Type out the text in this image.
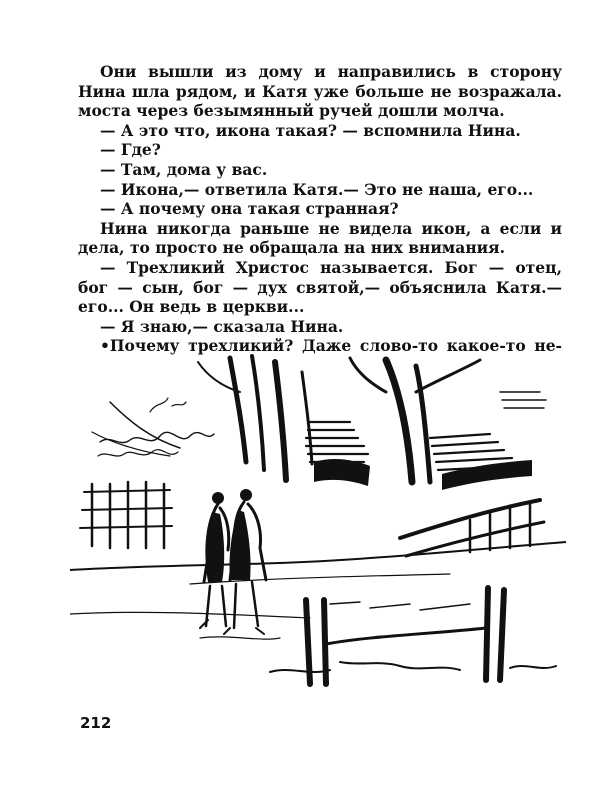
Они вышли из дому и направились в сторону
Нина шла рядом, и Катя уже больше не возражала.
моста через безымянный ручей дошли молча.
— А это что, икона такая? — вспомнила Нина.
— Где?
— Там, дома у вас.
— Икона,— ответила Катя.— Это не наша, его...
— А почему она такая странная?
Нина никогда раньше не видела икон, а если и
дела, то просто не обращала на них внимания.
— Трехликий Христос называется. Бог — отец,
бог — сын, бог — дух святой,— объяснила Катя.—
его... Он ведь в церкви...
— Я знаю,— сказала Нина.
•Почему трехликий? Даже слово-то какое-то не-
212
